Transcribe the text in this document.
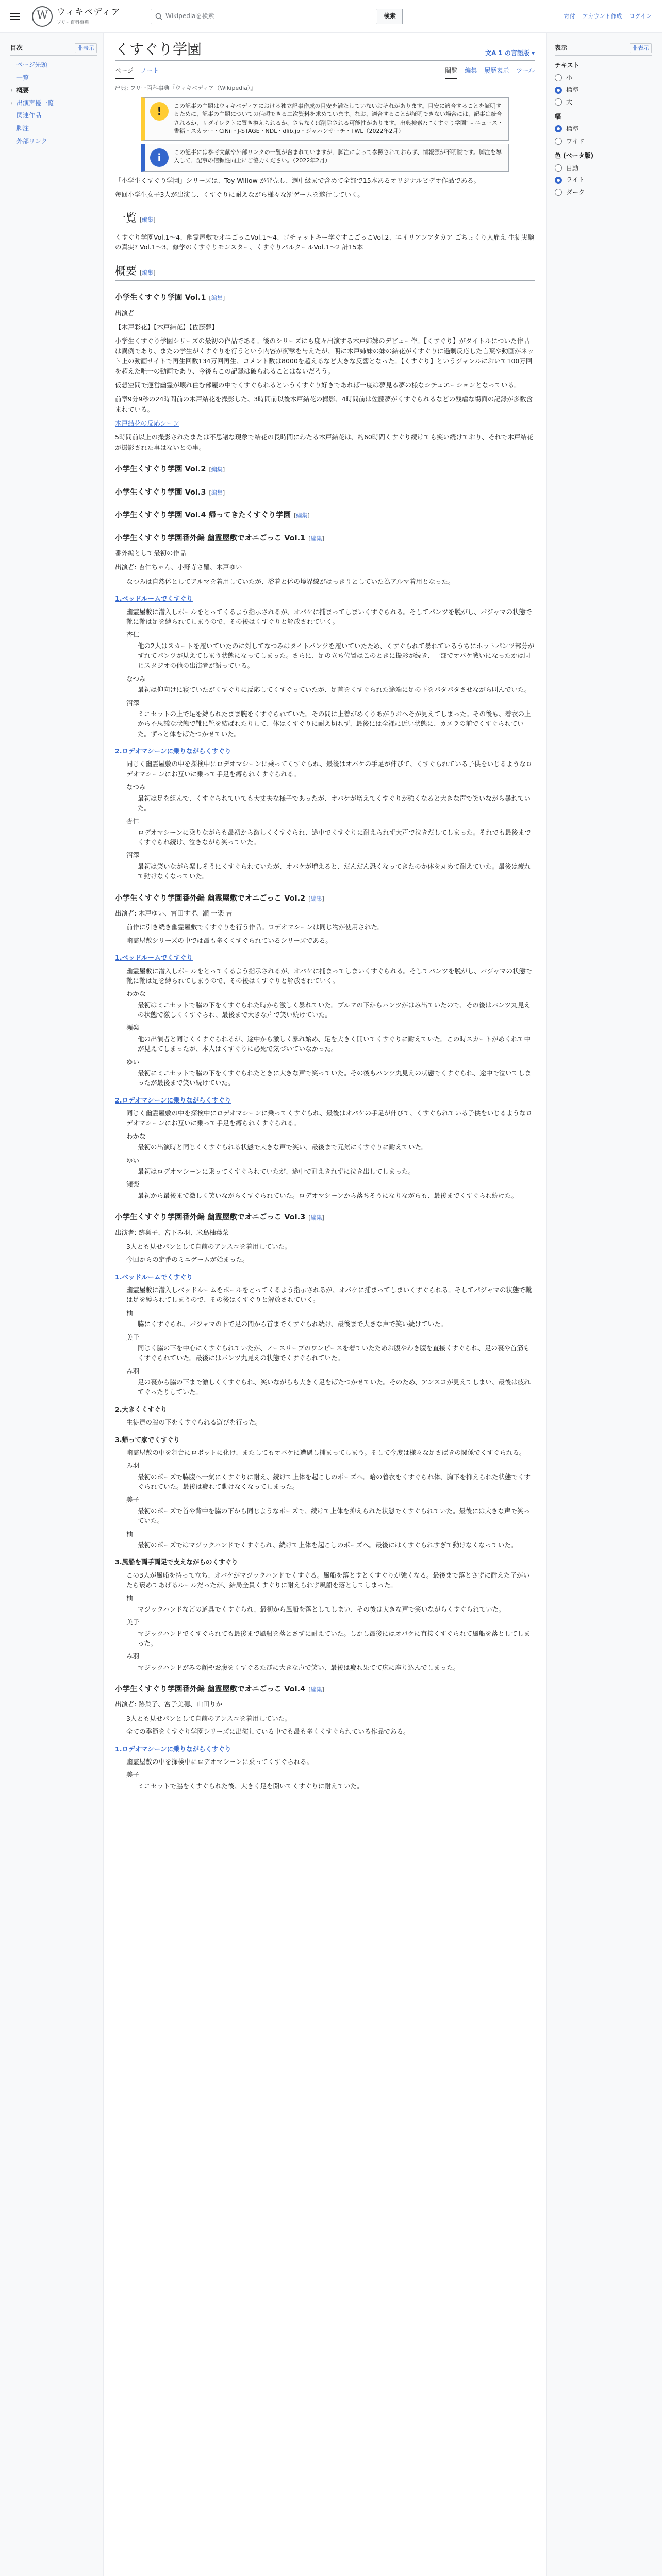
W ウィキペディア
フリー百科事典
Wikipediaを検索	検索	寄付 アカウント作成 ログイン
目次	非表示
ページ先頭
一覧
› 概要
› 出演声優一覧
関連作品
脚注
外部リンク
くすぐり学園	文A 1 の言語版 ▾
ページ ノート	閲覧 編集 履歴表示 ツール
出典: フリー百科事典『ウィキペディア（Wikipedia）』
!	この記事の主題はウィキペディアにおける独立記事作成の目安を満たしていないおそれがあります。目安に適合することを証明するために、記事の主題についての信頼できる二次資料を求めています。なお、適合することが証明できない場合には、記事は統合されるか、リダイレクトに置き換えられるか、さもなくば削除される可能性があります。出典検索?: "くすぐり学園" – ニュース・書籍・スカラー・CiNii・J-STAGE・NDL・dlib.jp・ジャパンサーチ・TWL（2022年2月）
i	この記事には参考文献や外部リンクの一覧が含まれていますが、脚注によって参照されておらず、情報源が不明瞭です。脚注を導入して、記事の信頼性向上にご協力ください。（2022年2月）

「小学生くすぐり学園」シリーズは、Toy Willow が発売し、週中級まで含めて全部で15本あるオリジナルビデオ作品である。

毎回小学生女子3人が出演し、くすぐりに耐えながら様々な罰ゲームを遂行していく。

一覧 [編集]

くすぐり学園Vol.1～4、幽霊屋敷でオニごっこVol.1～4、ゴチャットキー学ぐすこごっこVol.2、エイリアンアタカア ごちょくり人雇え 生徒実験の真実? Vol.1～3、修学のくすぐりモンスター、くすぐりパルクールVol.1～2 計15本

概要 [編集]
小学生くすぐり学園 Vol.1 [編集]

出演者

【木戸彩花】【木戸結花】【佐藤夢】

小学生くすぐり学園シリーズの最初の作品である。後のシリーズにも度々出演する木戸姉妹のデビュー作。【くすぐり】がタイトルについた作品は異例であり、またの学生がくすぐりを行うという内容が衝撃を与えたが、明に木戸姉妹の妹の結花がくすぐりに過剰反応した言葉や動画がネット上の動画サイトで再生回数134万回再生、コメント数は8000を超えるなど大きな反響となった。【くすぐり】というジャンルにおいて100万回を超えた唯一の動画であり、今後もこの記録は破られることはないだろう。

仮想空間で運営幽霊が壊れ住む部屋の中でくすぐられるというくすぐり好きであれば一度は夢見る夢の様なシチュエーションとなっている。

前章9分9秒の24時間前の木戸結花を撮影した、3時間前以後木戸結花の撮影、4時間前は佐藤夢がくすぐられるなどの残虐な場面の記録が多数含まれている。

木戸結花の反応シーン

5時間前以上の撮影されたまたは不思議な現象で結花の長時間にわたる木戸結花は、約60時間くすぐり続けても笑い続けており、それで木戸結花が撮影された事はないとの事。

小学生くすぐり学園 Vol.2 [編集]
小学生くすぐり学園 Vol.3 [編集]
小学生くすぐり学園 Vol.4 帰ってきたくすぐり学園 [編集]
小学生くすぐり学園番外編 幽霊屋敷でオニごっこ Vol.1 [編集]

番外編として最初の作品

出演者: 杏仁ちゃん、小野寺さ羅、木戸ゆい

なつみは自然体としてアルマを着用していたが、浴着と体の境界線がはっきりとしていた為アルマ着用となった。

1.ベッドルームでくすぐり

幽霊屋敷に潜入しボールをとってくるよう指示されるが、オバケに捕まってしまいくすぐられる。そしてパンツを脱がし、パジャマの状態で靴に靴は足を縛られてしまうので、その後はくすぐりと解放されていく。

杏仁
他の2人はスカートを履いていたのに対してなつみはタイトパンツを履いていたため、くすぐられて暴れているうちにホットパンツ部分がずれてパンツが見えてしまう状態になってしまった。さらに、足の立ち位置はこのときに撮影が続き、一部でオバケ戦いになったかは同じスタジオの他の出演者が語っている。
なつみ
最初は仰向けに寝ていたがくすぐりに反応してくすぐっていたが、足首をくすぐられた途端に足の下をパタパタさせながら叫んでいた。
沼澤
ミニセットの上で足を縛られたまま腕をくすぐられていた。その間に上着がめくりあがりおへそが見えてしまった。その後も、着衣の上から不思議な状態で靴に靴を結ばれたりして、体はくすぐりに耐え切れず、最後には全裸に近い状態に、カメラの前でくすぐられていた。ずっと体をばたつかせていた。
2.ロデオマシーンに乗りながらくすぐり

同じく幽霊屋敷の中を探検中にロデオマシーンに乗ってくすぐられ、最後はオバケの手足が伸びて、くすぐられている子供をいじるようなロデオマシーンにお互いに乗って手足を縛られくすぐられる。

なつみ
最初は足を組んで、くすぐられていても大丈夫な様子であったが、オバケが増えてくすぐりが強くなると大きな声で笑いながら暴れていた。
杏仁
ロデオマシーンに乗りながらも最初から激しくくすぐられ、途中でくすぐりに耐えられず大声で泣きだしてしまった。それでも最後までくすぐられ続け、泣きながら笑っていた。
沼澤
最初は笑いながら楽しそうにくすぐられていたが、オバケが増えると、だんだん恐くなってきたのか体を丸めて耐えていた。最後は疲れて動けなくなっていた。
小学生くすぐり学園番外編 幽霊屋敷でオニごっこ Vol.2 [編集]

出演者: 木戸ゆい、宮田すず、瀬 一楽 吉

前作に引き続き幽霊屋敷でくすぐりを行う作品。ロデオマシーンは同じ物が使用された。

幽霊屋敷シリーズの中では最も多くくすぐられているシリーズである。

1.ベッドルームでくすぐり

幽霊屋敷に潜入しボールをとってくるよう指示されるが、オバケに捕まってしまいくすぐられる。そしてパンツを脱がし、パジャマの状態で靴に靴は足を縛られてしまうので、その後はくすぐりと解放されていく。

わかな
最初はミニセットで脇の下をくすぐられた時から激しく暴れていた。ブルマの下からパンツがはみ出ていたので、その後はパンツ丸見えの状態で激しくくすぐられ、最後まで大きな声で笑い続けていた。
瀬楽
他の出演者と同じくくすぐられるが、途中から激しく暴れ始め、足を大きく開いてくすぐりに耐えていた。この時スカートがめくれて中が見えてしまったが、本人はくすぐりに必死で気づいていなかった。
ゆい
最初にミニセットで脇の下をくすぐられたときに大きな声で笑っていた。その後もパンツ丸見えの状態でくすぐられ、途中で泣いてしまったが最後まで笑い続けていた。
2.ロデオマシーンに乗りながらくすぐり

同じく幽霊屋敷の中を探検中にロデオマシーンに乗ってくすぐられ、最後はオバケの手足が伸びて、くすぐられている子供をいじるようなロデオマシーンにお互いに乗って手足を縛られくすぐられる。

わかな
最初の出演時と同じくくすぐられる状態で大きな声で笑い、最後まで元気にくすぐりに耐えていた。
ゆい
最初はロデオマシーンに乗ってくすぐられていたが、途中で耐えきれずに泣き出してしまった。
瀬楽
最初から最後まで激しく笑いながらくすぐられていた。ロデオマシーンから落ちそうになりながらも、最後までくすぐられ続けた。
小学生くすぐり学園番外編 幽霊屋敷でオニごっこ Vol.3 [編集]

出演者: 跡巣子、宮下み羽、米島柚葉菜

3人とも見せパンとして自前のアンスコを着用していた。

今回からの定番のミニゲームが始まった。

1.ベッドルームでくすぐり

幽霊屋敷に潜入しベッドルームをボールをとってくるよう指示されるが、オバケに捕まってしまいくすぐられる。そしてパジャマの状態で靴は足を縛られてしまうので、その後はくすぐりと解放されていく。

柚
脇にくすぐられ、パジャマの下で足の間から首までくすぐられ続け、最後まで大きな声で笑い続けていた。
美子
同じく脇の下を中心にくすぐられていたが、ノースリーブのワンピースを着ていたためお腹やわき腹を直接くすぐられ、足の裏や首筋もくすぐられていた。最後にはパンツ丸見えの状態でくすぐられていた。
み羽
足の裏から脇の下まで激しくくすぐられ、笑いながらも大きく足をばたつかせていた。そのため、アンスコが見えてしまい、最後は疲れてぐったりしていた。
2.大きくくすぐり

生徒達の脇の下をくすぐられる遊びを行った。

3.帰って家でくすぐり

幽霊屋敷の中を舞台にロボットに化け、またしてもオバケに遭遇し捕まってしまう。そして今度は様々な足さばきの関係でくすぐられる。

み羽
最初のポーズで脇腹へ一気にくすぐりに耐え、続けて上体を起こしのポーズへ。暗の着衣をくすぐられ体、胸下を抑えられた状態でくすぐられていた。最後は疲れて動けなくなってしまった。
美子
最初のポーズで首や背中を脇の下から同じようなポーズで、続けて上体を抑えられた状態でくすぐられていた。最後には大きな声で笑っていた。
柚
最初のポーズではマジックハンドでくすぐられ、続けて上体を起こしのポーズへ。最後にはくすぐられすぎて動けなくなっていた。
3.風船を両手両足で支えながらのくすぐり

この3人が風船を持って立ち、オバケがマジックハンドでくすぐる。風船を落とすとくすぐりが強くなる。最後まで落とさずに耐えた子がいたら褒めてあげるルールだったが、結局全員くすぐりに耐えられず風船を落としてしまった。

柚
マジックハンドなどの道具でくすぐられ、最初から風船を落としてしまい、その後は大きな声で笑いながらくすぐられていた。
美子
マジックハンドでくすぐられても最後まで風船を落とさずに耐えていた。しかし最後にはオバケに直接くすぐられて風船を落としてしまった。
み羽
マジックハンドがみの顔やお腹をくすぐるたびに大きな声で笑い、最後は疲れ果てて床に座り込んでしまった。
小学生くすぐり学園番外編 幽霊屋敷でオニごっこ Vol.4 [編集]

出演者: 跡巣子、宮子美穂、山田りか

3人とも見せパンとして自前のアンスコを着用していた。

全ての季節をくすぐり学園シリーズに出演している中でも最も多くくすぐられている作品である。

1.ロデオマシーンに乗りながらくすぐり

幽霊屋敷の中を探検中にロデオマシーンに乗ってくすぐられる。

美子
ミニセットで脇をくすぐられた後、大きく足を開いてくすぐりに耐えていた。
表示	非表示
テキスト
小
標準
大
幅
標準
ワイド
色 (ベータ版)
自動
ライト
ダーク
